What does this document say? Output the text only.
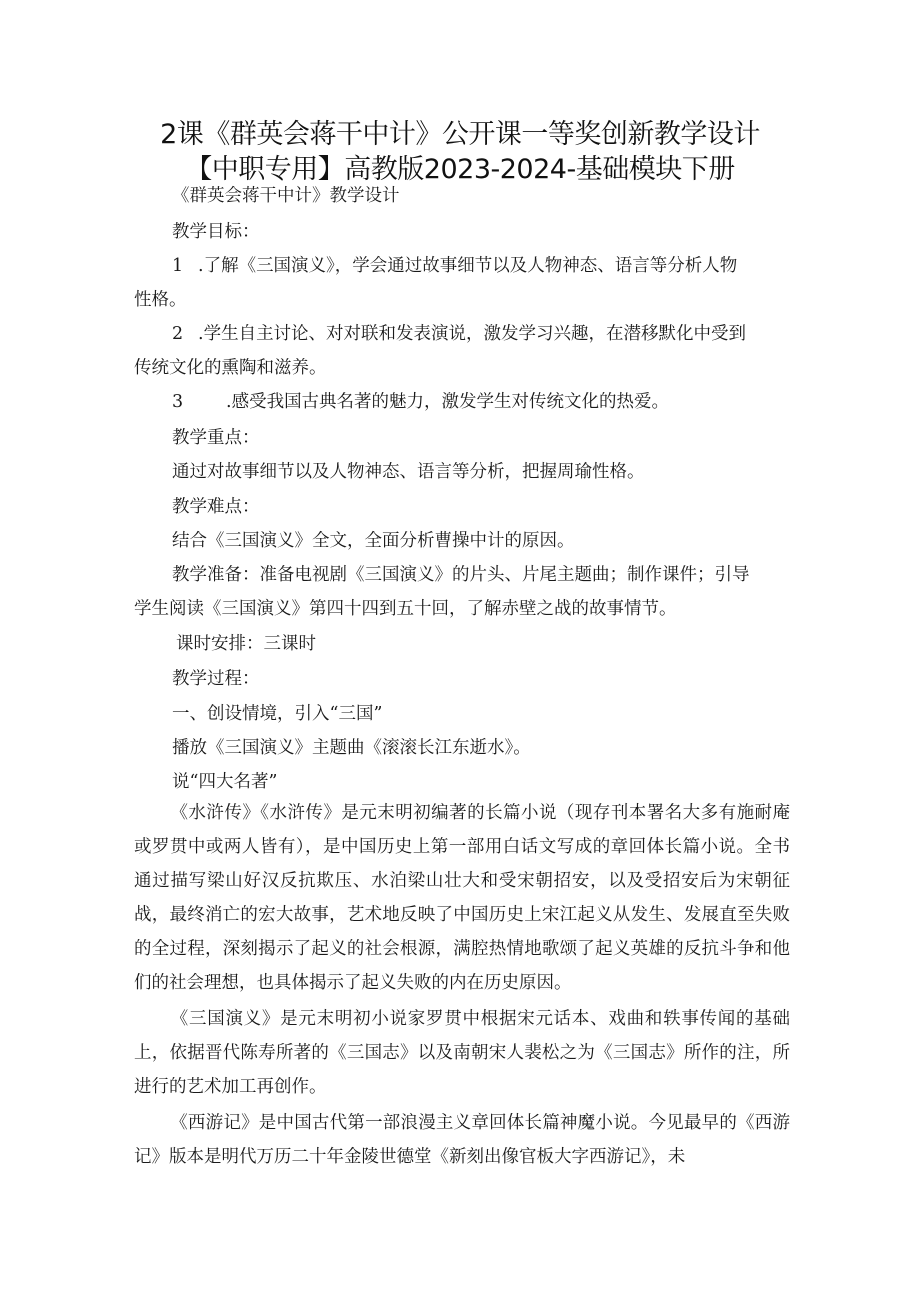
2课《群英会蒋干中计》公开课一等奖创新教学设计
【中职专用】高教版2023-2024-基础模块下册
《群英会蒋干中计》教学设计
教学目标：
1 .了解《三国演义》，学会通过故事细节以及人物神态、语言等分析人物
性格。
2 .学生自主讨论、对对联和发表演说，激发学习兴趣，在潜移默化中受到
传统文化的熏陶和滋养。
3 .感受我国古典名著的魅力，激发学生对传统文化的热爱。
教学重点：
通过对故事细节以及人物神态、语言等分析，把握周瑜性格。
教学难点：
结合《三国演义》全文，全面分析曹操中计的原因。
教学准备：准备电视剧《三国演义》的片头、片尾主题曲；制作课件；引导
学生阅读《三国演义》第四十四到五十回，了解赤壁之战的故事情节。
课时安排：三课时
教学过程：
一、创设情境，引入“三国”
播放《三国演义》主题曲《滚滚长江东逝水》。
说“四大名著”
《水浒传》《水浒传》是元末明初编著的长篇小说（现存刊本署名大多有施耐庵或罗贯中或两人皆有），是中国历史上第一部用白话文写成的章回体长篇小说。全书通过描写梁山好汉反抗欺压、水泊梁山壮大和受宋朝招安，以及受招安后为宋朝征战，最终消亡的宏大故事，艺术地反映了中国历史上宋江起义从发生、发展直至失败的全过程，深刻揭示了起义的社会根源，满腔热情地歌颂了起义英雄的反抗斗争和他们的社会理想，也具体揭示了起义失败的内在历史原因。
《三国演义》是元末明初小说家罗贯中根据宋元话本、戏曲和轶事传闻的基础上，依据晋代陈寿所著的《三国志》以及南朝宋人裴松之为《三国志》所作的注，所进行的艺术加工再创作。
《西游记》是中国古代第一部浪漫主义章回体长篇神魔小说。今见最早的《西游记》版本是明代万历二十年金陵世德堂《新刻出像官板大字西游记》，未
